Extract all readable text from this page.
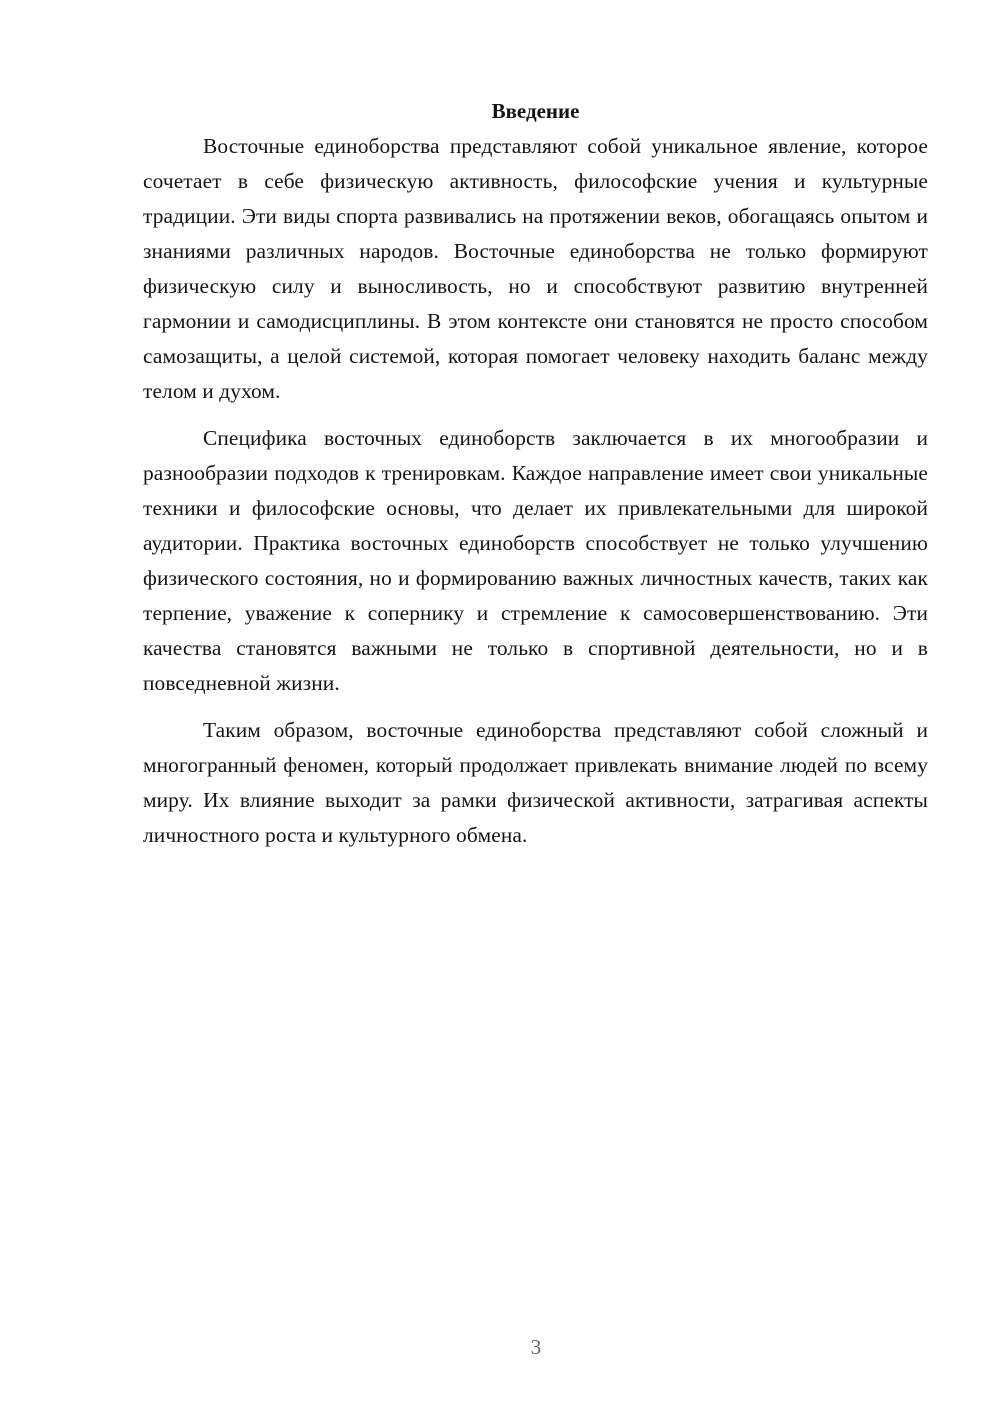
Введение

Восточные единоборства представляют собой уникальное явление, которое сочетает в себе физическую активность, философские учения и культурные традиции. Эти виды спорта развивались на протяжении веков, обогащаясь опытом и знаниями различных народов. Восточные единоборства не только формируют физическую силу и выносливость, но и способствуют развитию внутренней гармонии и самодисциплины. В этом контексте они становятся не просто способом самозащиты, а целой системой, которая помогает человеку находить баланс между телом и духом.

Специфика восточных единоборств заключается в их многообразии и разнообразии подходов к тренировкам. Каждое направление имеет свои уникальные техники и философские основы, что делает их привлекательными для широкой аудитории. Практика восточных единоборств способствует не только улучшению физического состояния, но и формированию важных личностных качеств, таких как терпение, уважение к сопернику и стремление к самосовершенствованию. Эти качества становятся важными не только в спортивной деятельности, но и в повседневной жизни.

Таким образом, восточные единоборства представляют собой сложный и многогранный феномен, который продолжает привлекать внимание людей по всему миру. Их влияние выходит за рамки физической активности, затрагивая аспекты личностного роста и культурного обмена.

3
